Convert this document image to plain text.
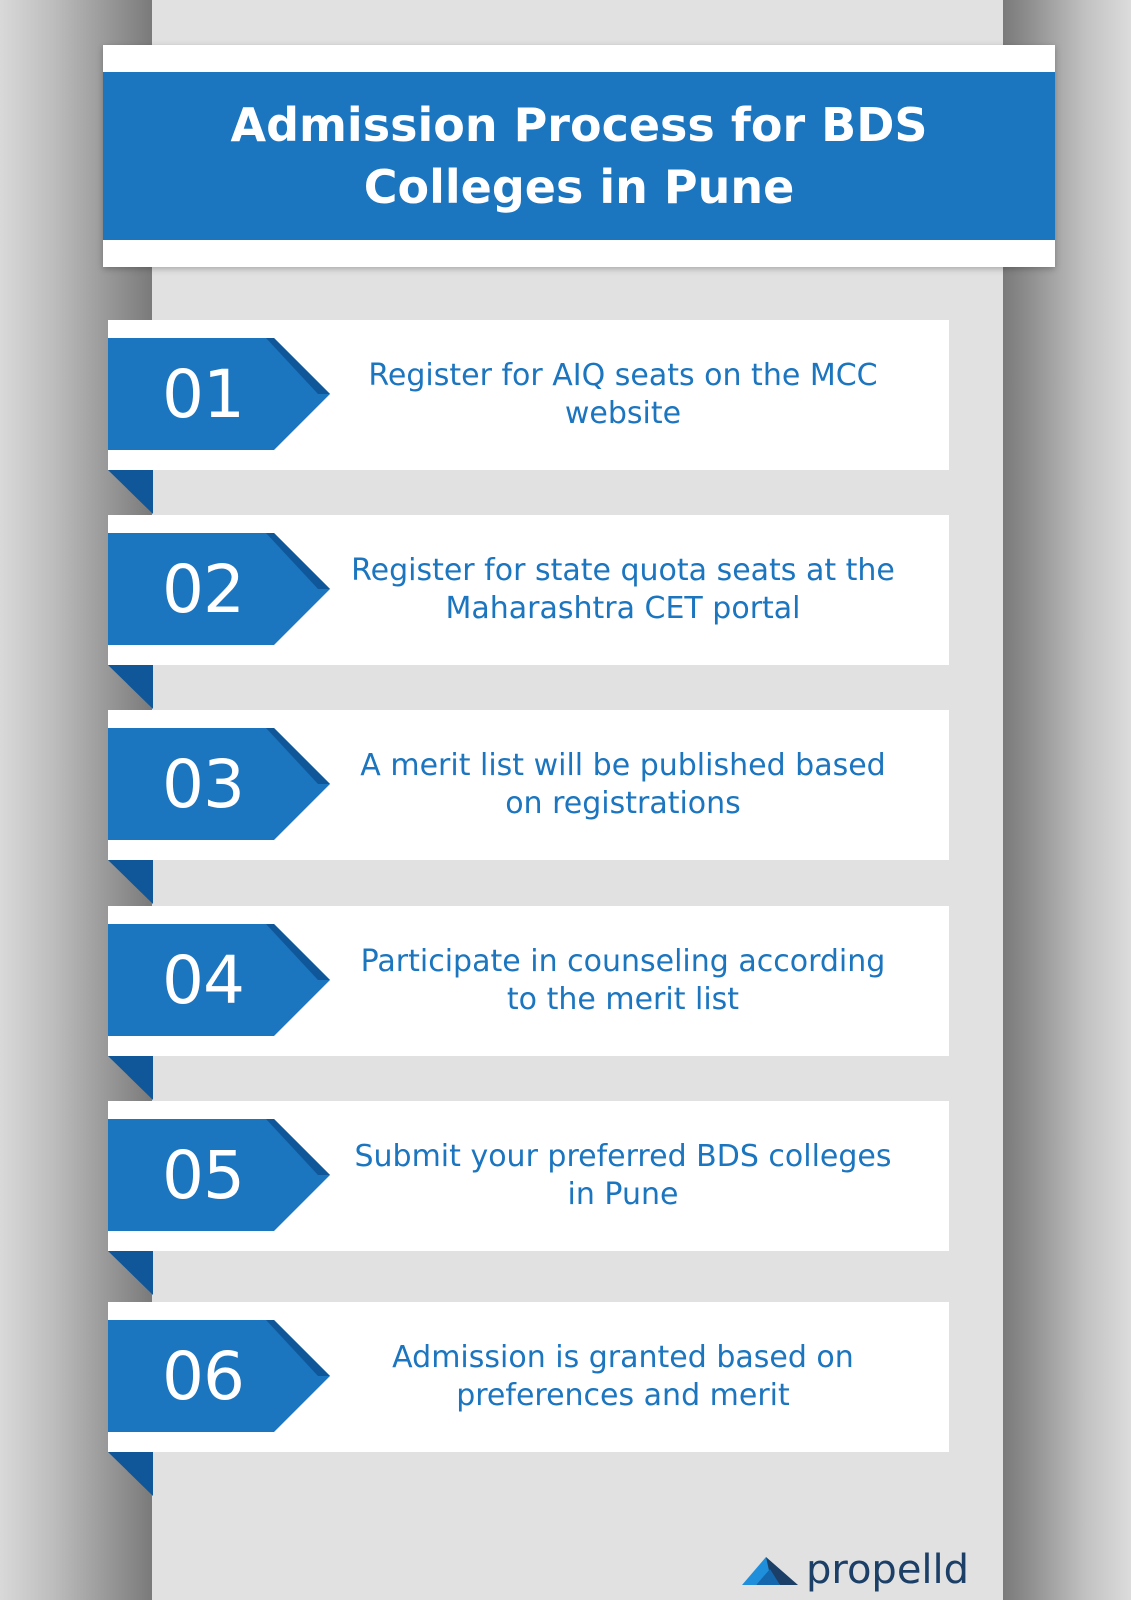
Admission Process for BDS Colleges in Pune
01	Register for AIQ seats on the MCC website
02	Register for state quota seats at the Maharashtra CET portal
03	A merit list will be published based on registrations
04	Participate in counseling according to the merit list
05	Submit your preferred BDS colleges in Pune
06	Admission is granted based on preferences and merit
propelld
